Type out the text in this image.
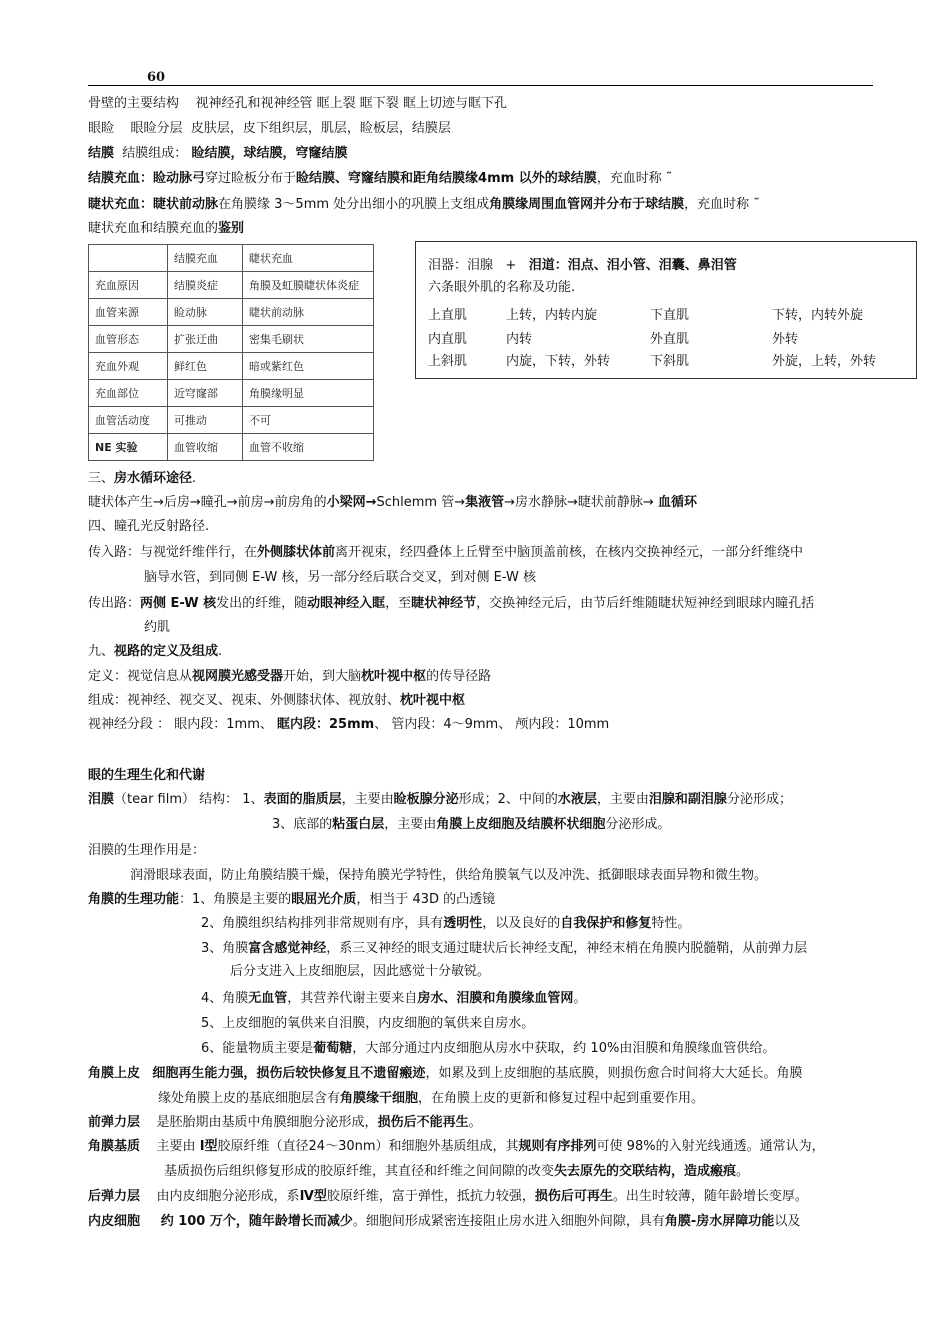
60
骨壁的主要结构 视神经孔和视神经管 眶上裂 眶下裂 眶上切迹与眶下孔
眼睑 眼睑分层 皮肤层，皮下组织层，肌层，睑板层，结膜层
结膜 结膜组成： 睑结膜，球结膜，穹窿结膜
结膜充血：睑动脉弓穿过睑板分布于睑结膜、穹窿结膜和距角结膜缘4mm 以外的球结膜，充血时称 ˜
睫状充血：睫状前动脉在角膜缘 3～5mm 处分出细小的巩膜上支组成角膜缘周围血管网并分布于球结膜，充血时称 ˜
睫状充血和结膜充血的鉴别
	结膜充血	睫状充血
充血原因	结膜炎症	角膜及虹膜睫状体炎症
血管来源	睑动脉	睫状前动脉
血管形态	扩张迂曲	密集毛刷状
充血外观	鲜红色	暗或紫红色
充血部位	近穹窿部	角膜缘明显
血管活动度	可推动	不可
NE 实验	血管收缩	血管不收缩
泪器：泪腺 + 泪道：泪点、泪小管、泪囊、鼻泪管
六条眼外肌的名称及功能.
上直肌	上转，内转内旋	下直肌	下转，内转外旋
内直肌	内转	外直肌	外转
上斜肌	内旋，下转，外转	下斜肌	外旋，上转，外转
三、房水循环途径.
睫状体产生→后房→瞳孔→前房→前房角的小梁网→Schlemm 管→集液管→房水静脉→睫状前静脉→ 血循环
四、瞳孔光反射路径.
传入路：与视觉纤维伴行，在外侧膝状体前离开视束，经四叠体上丘臂至中脑顶盖前核，在核内交换神经元，一部分纤维绕中
脑导水管，到同侧 E-W 核，另一部分经后联合交叉，到对侧 E-W 核
传出路：两侧 E-W 核发出的纤维，随动眼神经入眶，至睫状神经节，交换神经元后，由节后纤维随睫状短神经到眼球内瞳孔括
约肌
九、视路的定义及组成.
定义：视觉信息从视网膜光感受器开始，到大脑枕叶视中枢的传导径路
组成：视神经、视交叉、视束、外侧膝状体、视放射、枕叶视中枢
视神经分段 ： 眼内段：1mm、 眶内段：25mm、 管内段：4～9mm、 颅内段：10mm
眼的生理生化和代谢
泪膜（tear film） 结构： 1、表面的脂质层，主要由睑板腺分泌形成；2、中间的水液层，主要由泪腺和副泪腺分泌形成；
3、底部的粘蛋白层，主要由角膜上皮细胞及结膜杯状细胞分泌形成。
泪膜的生理作用是：
润滑眼球表面，防止角膜结膜干燥，保持角膜光学特性，供给角膜氧气以及冲洗、抵御眼球表面异物和微生物。
角膜的生理功能：1、角膜是主要的眼屈光介质，相当于 43D 的凸透镜
2、角膜组织结构排列非常规则有序，具有透明性，以及良好的自我保护和修复特性。
3、角膜富含感觉神经，系三叉神经的眼支通过睫状后长神经支配，神经末梢在角膜内脱髓鞘，从前弹力层
后分支进入上皮细胞层，因此感觉十分敏锐。
4、角膜无血管，其营养代谢主要来自房水、泪膜和角膜缘血管网。
5、上皮细胞的氧供来自泪膜，内皮细胞的氧供来自房水。
6、能量物质主要是葡萄糖，大部分通过内皮细胞从房水中获取，约 10%由泪膜和角膜缘血管供给。
角膜上皮 细胞再生能力强，损伤后较快修复且不遗留瘢迹，如累及到上皮细胞的基底膜，则损伤愈合时间将大大延长。角膜
缘处角膜上皮的基底细胞层含有角膜缘干细胞，在角膜上皮的更新和修复过程中起到重要作用。
前弹力层 是胚胎期由基质中角膜细胞分泌形成，损伤后不能再生。
角膜基质 主要由 Ⅰ型胶原纤维（直径24～30nm）和细胞外基质组成，其规则有序排列可使 98%的入射光线通透。通常认为，
基质损伤后组织修复形成的胶原纤维，其直径和纤维之间间隙的改变失去原先的交联结构，造成瘢痕。
后弹力层 由内皮细胞分泌形成，系Ⅳ型胶原纤维，富于弹性，抵抗力较强，损伤后可再生。出生时较薄，随年龄增长变厚。
内皮细胞 约 100 万个，随年龄增长而减少。细胞间形成紧密连接阻止房水进入细胞外间隙，具有角膜-房水屏障功能以及
